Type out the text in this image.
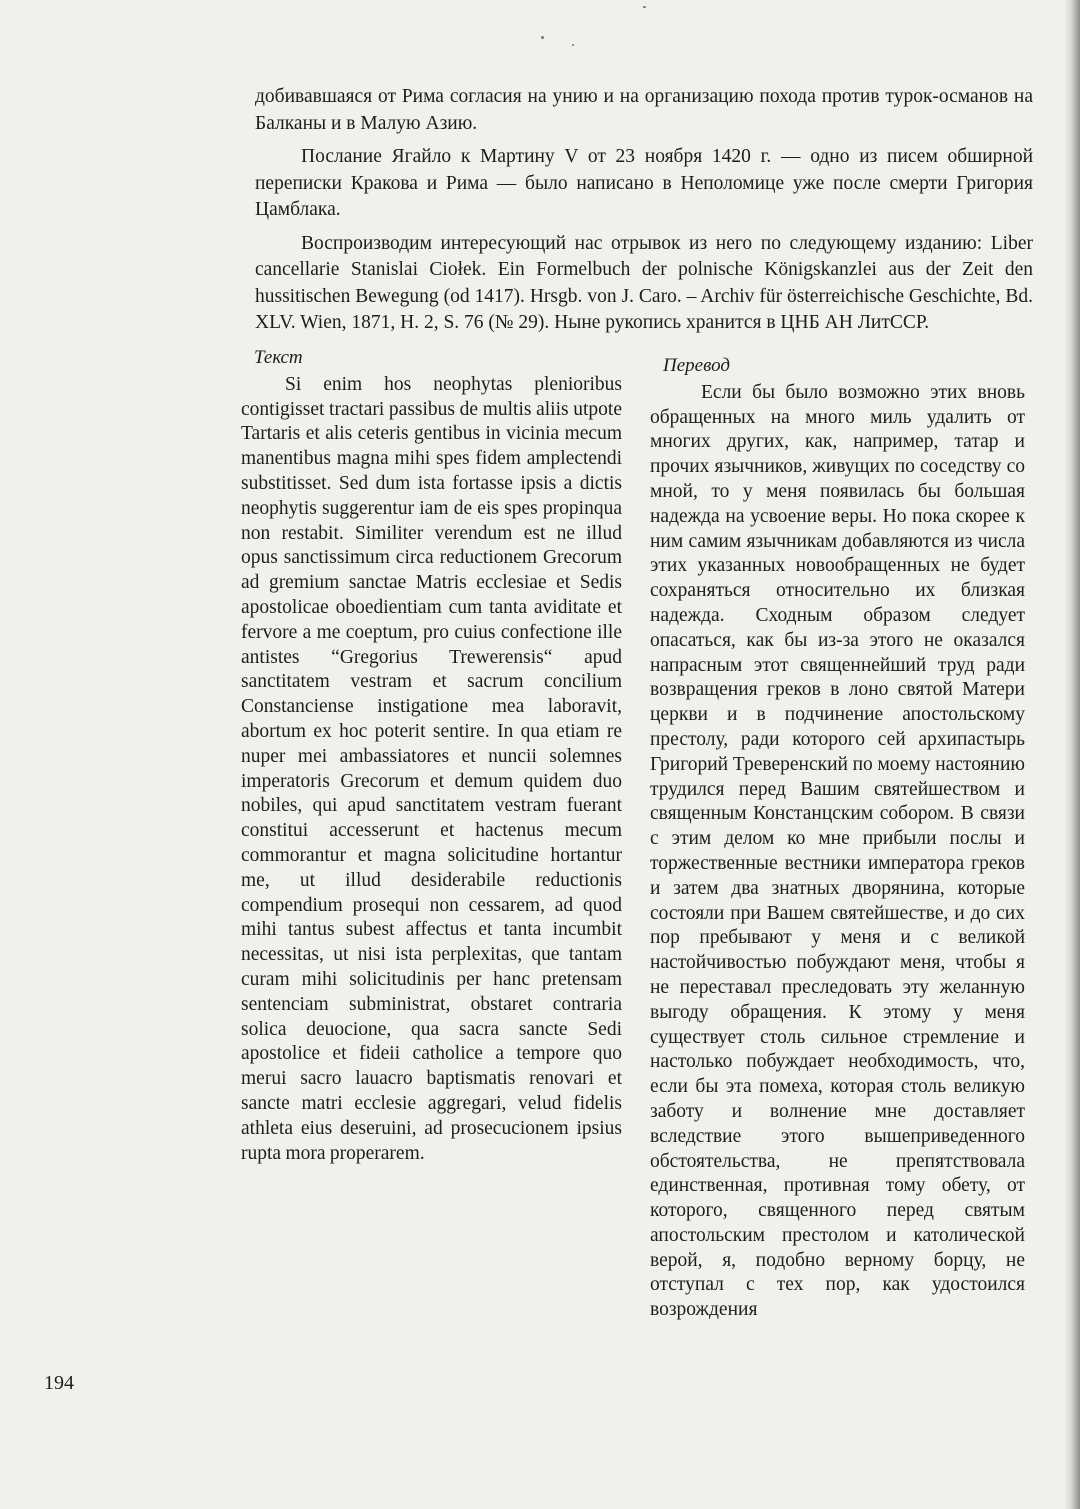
добивавшаяся от Рима согласия на унию и на организацию похода против турок-османов на Балканы и в Малую Азию.

Послание Ягайло к Мартину V от 23 ноября 1420 г. — одно из писем обширной переписки Кракова и Рима — было написано в Неполомице уже после смерти Григория Цамблака.

Воспроизводим интересующий нас отрывок из него по следующему изданию: Liber cancellarie Stanislai Ciołek. Ein Formelbuch der polnische Königskanzlei aus der Zeit den hussitischen Bewegung (od 1417). Hrsgb. von J. Caro. – Archiv für österreichische Geschichte, Bd. XLV. Wien, 1871, H. 2, S. 76 (№ 29). Ныне рукопись хранится в ЦНБ АН ЛитССР.

Текст

Si enim hos neophytas plenioribus contigisset tractari passibus de multis aliis utpote Tartaris et alis ceteris gentibus in vicinia mecum manentibus magna mihi spes fidem amplectendi substitisset. Sed dum ista fortasse ipsis a dictis neophytis suggerentur iam de eis spes propinqua non restabit. Similiter verendum est ne illud opus sanctissimum circa reductionem Grecorum ad gremium sanctae Matris ecclesiae et Sedis apostolicae oboedientiam cum tanta aviditate et fervore a me coeptum, pro cuius confectione ille antistes “Gregorius Trewerensis“ apud sanctitatem vestram et sacrum concilium Constanciense instigatione mea laboravit, abortum ex hoc poterit sentire. In qua etiam re nuper mei ambassiatores et nuncii solemnes imperatoris Grecorum et demum quidem duo nobiles, qui apud sanctitatem vestram fuerant constitui accesserunt et hactenus mecum commorantur et magna solicitudine hortantur me, ut illud desiderabile reductionis compendium prosequi non cessarem, ad quod mihi tantus subest affectus et tanta incumbit necessitas, ut nisi ista perplexitas, que tantam curam mihi solicitudinis per hanc pretensam sentenciam subministrat, obstaret contraria solica deuocione, qua sacra sancte Sedi apostolice et fideii catholice a tempore quo merui sacro lauacro baptismatis renovari et sancte matri ecclesie aggregari, velud fidelis athleta eius deseruini, ad prosecucionem ipsius rupta mora properarem.

Перевод

Если бы было возможно этих вновь обращенных на много миль удалить от многих других, как, например, татар и прочих язычников, живущих по соседству со мной, то у меня появилась бы большая надежда на усвоение веры. Но пока скорее к ним самим язычникам добавляются из числа этих указанных новообращенных не будет сохраняться относительно их близкая надежда. Сходным образом следует опасаться, как бы из-за этого не оказался напрасным этот священнейший труд ради возвращения греков в лоно святой Матери церкви и в подчинение апостольскому престолу, ради которого сей архипастырь Григорий Треверенский по моему настоянию трудился перед Вашим святейшеством и священным Констанцским собором. В связи с этим делом ко мне прибыли послы и торжественные вестники императора греков и затем два знатных дворянина, которые состояли при Вашем святейшестве, и до сих пор пребывают у меня и с великой настойчивостью побуждают меня, чтобы я не переставал преследовать эту желанную выгоду обращения. К этому у меня существует столь сильное стремление и настолько побуждает необходимость, что, если бы эта помеха, которая столь великую заботу и волнение мне доставляет вследствие этого вышеприведенного обстоятельства, не препятствовала единственная, противная тому обету, от которого, священного перед святым апостольским престолом и католической верой, я, подобно верному борцу, не отступал с тех пор, как удостоился возрождения

194
